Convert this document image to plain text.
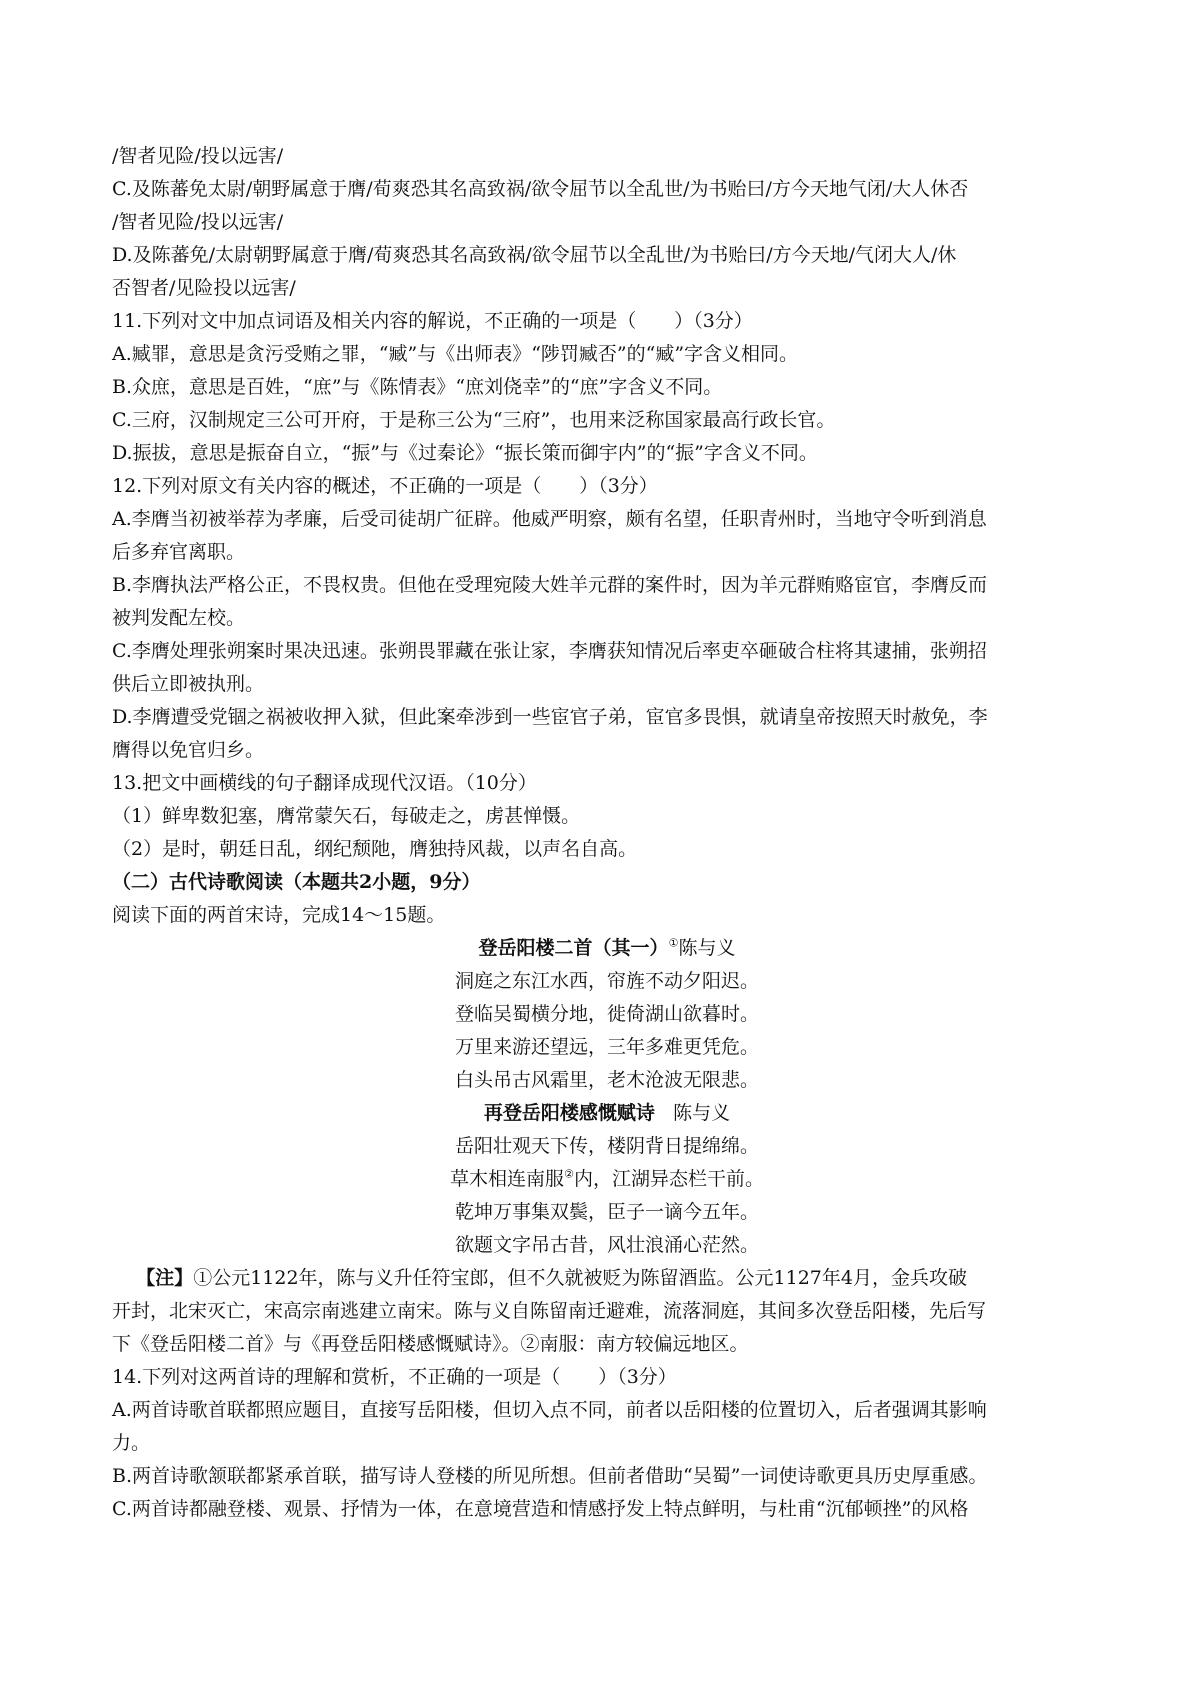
/智者见险/投以远害/
C.及陈蕃免太尉/朝野属意于膺/荀爽恐其名高致祸/欲令屈节以全乱世/为书贻曰/方今天地气闭/大人休否
/智者见险/投以远害/
D.及陈蕃免/太尉朝野属意于膺/荀爽恐其名高致祸/欲令屈节以全乱世/为书贻曰/方今天地/气闭大人/休
否智者/见险投以远害/
11.下列对文中加点词语及相关内容的解说，不正确的一项是（　　）（3分）
A.臧罪，意思是贪污受贿之罪，“臧”与《出师表》“陟罚臧否”的“臧”字含义相同。
B.众庶，意思是百姓，“庶”与《陈情表》“庶刘侥幸”的“庶”字含义不同。
C.三府，汉制规定三公可开府，于是称三公为“三府”，也用来泛称国家最高行政长官。
D.振拔，意思是振奋自立，“振”与《过秦论》“振长策而御宇内”的“振”字含义不同。
12.下列对原文有关内容的概述，不正确的一项是（　　）（3分）
A.李膺当初被举荐为孝廉，后受司徒胡广征辟。他威严明察，颇有名望，任职青州时，当地守令听到消息
后多弃官离职。
B.李膺执法严格公正，不畏权贵。但他在受理宛陵大姓羊元群的案件时，因为羊元群贿赂宦官，李膺反而
被判发配左校。
C.李膺处理张朔案时果决迅速。张朔畏罪藏在张让家，李膺获知情况后率吏卒砸破合柱将其逮捕，张朔招
供后立即被执刑。
D.李膺遭受党锢之祸被收押入狱，但此案牵涉到一些宦官子弟，宦官多畏惧，就请皇帝按照天时赦免，李
膺得以免官归乡。
13.把文中画横线的句子翻译成现代汉语。（10分）
（1）鲜卑数犯塞，膺常蒙矢石，每破走之，虏甚惮慑。
（2）是时，朝廷日乱，纲纪颓阤，膺独持风裁，以声名自高。
（二）古代诗歌阅读（本题共2小题，9分）
阅读下面的两首宋诗，完成14～15题。
登岳阳楼二首（其一）①陈与义
洞庭之东江水西，帘旌不动夕阳迟。
登临吴蜀横分地，徙倚湖山欲暮时。
万里来游还望远，三年多难更凭危。
白头吊古风霜里，老木沧波无限悲。
再登岳阳楼感慨赋诗 陈与义
岳阳壮观天下传，楼阴背日提绵绵。
草木相连南服②内，江湖异态栏干前。
乾坤万事集双鬓，臣子一谪今五年。
欲题文字吊古昔，风壮浪涌心茫然。
【注】①公元1122年，陈与义升任符宝郎，但不久就被贬为陈留酒监。公元1127年4月，金兵攻破
开封，北宋灭亡，宋高宗南逃建立南宋。陈与义自陈留南迁避难，流落洞庭，其间多次登岳阳楼，先后写
下《登岳阳楼二首》与《再登岳阳楼感慨赋诗》。②南服：南方较偏远地区。
14.下列对这两首诗的理解和赏析，不正确的一项是（　　）（3分）
A.两首诗歌首联都照应题目，直接写岳阳楼，但切入点不同，前者以岳阳楼的位置切入，后者强调其影响
力。
B.两首诗歌颔联都紧承首联，描写诗人登楼的所见所想。但前者借助“吴蜀”一词使诗歌更具历史厚重感。
C.两首诗都融登楼、观景、抒情为一体，在意境营造和情感抒发上特点鲜明，与杜甫“沉郁顿挫”的风格
